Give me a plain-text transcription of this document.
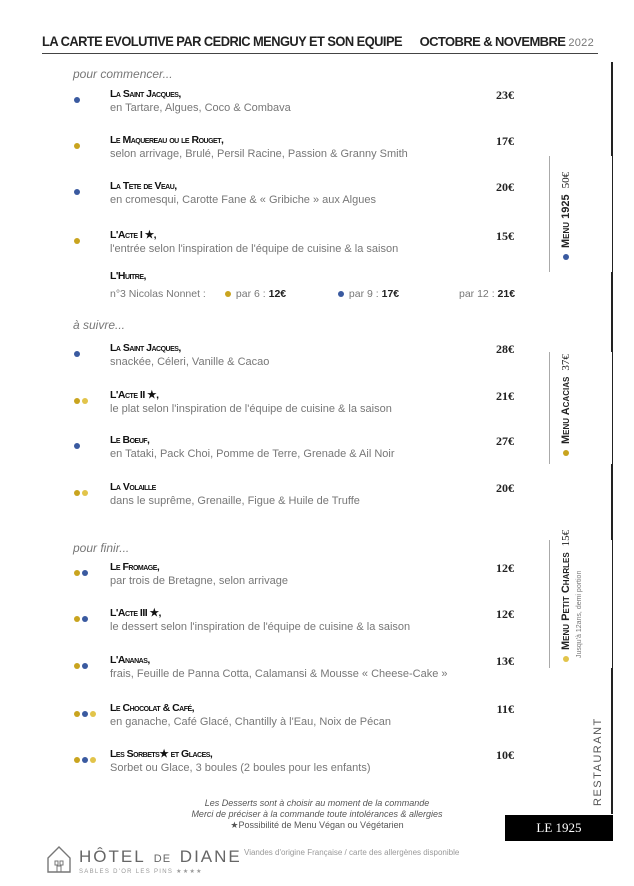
LA CARTE EVOLUTIVE PAR CEDRIC MENGUY ET SON EQUIPE OCTOBRE & NOVEMBRE 2022
pour commencer...
à suivre...
pour finir...
La Saint Jacques,
en Tartare, Algues, Coco & Combava
23€
Le Maquereau ou le Rouget,
selon arrivage, Brulé, Persil Racine, Passion & Granny Smith
17€
La Tete de Veau,
en cromesqui, Carotte Fane & « Gribiche » aux Algues
20€
L'Acte I ★,
l'entrée selon l'inspiration de l'équipe de cuisine & la saison
15€
La Saint Jacques,
snackée, Céleri, Vanille & Cacao
28€
L'Acte II ★,
le plat selon l'inspiration de l'équipe de cuisine & la saison
21€
Le Boeuf,
en Tataki, Pack Choi, Pomme de Terre, Grenade & Ail Noir
27€
La Volaille
dans le suprême, Grenaille, Figue & Huile de Truffe
20€
Le Fromage,
par trois de Bretagne, selon arrivage
12€
L'Acte III ★,
le dessert selon l'inspiration de l'équipe de cuisine & la saison
12€
L'Ananas,
frais, Feuille de Panna Cotta, Calamansi & Mousse « Cheese-Cake »
13€
Le Chocolat & Café,
en ganache, Café Glacé, Chantilly à l'Eau, Noix de Pécan
11€
Les Sorbets★ et Glaces,
Sorbet ou Glace, 3 boules (2 boules pour les enfants)
10€
L'Huitre,
n°3 Nicolas Nonnet :	par 6 : 12€	par 9 : 17€	par 12 : 21€
Les Desserts sont à choisir au moment de la commande
Merci de préciser à la commande toute intolérances & allergies
★Possibilité de Menu Végan ou Végétarien
HÔTEL DE DIANE
SABLES D'OR LES PINS ★★★★
Viandes d'origine Française / carte des allergènes disponible
Menu 192550€
Menu Acacias37€
Menu Petit Charles15€
Jusqu'à 12ans, demi portion
RESTAURANT
LE 1925
